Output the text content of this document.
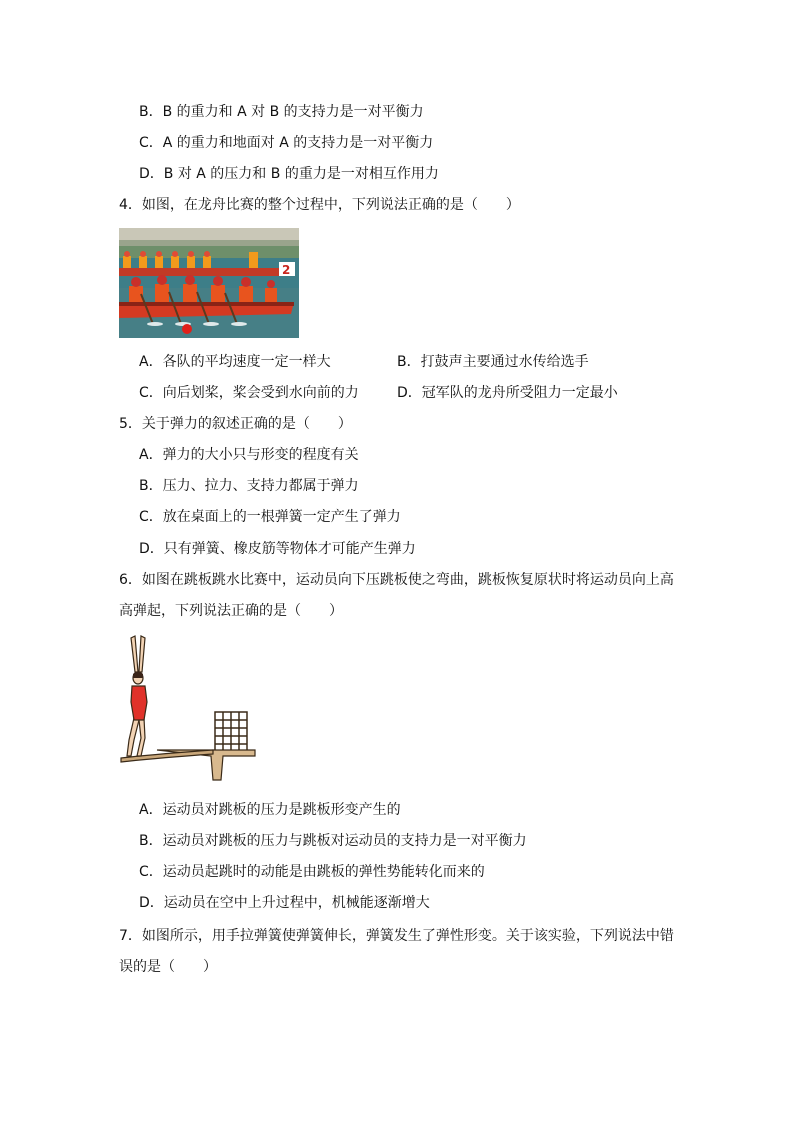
B．B 的重力和 A 对 B 的支持力是一对平衡力
C．A 的重力和地面对 A 的支持力是一对平衡力
D．B 对 A 的压力和 B 的重力是一对相互作用力
4．如图，在龙舟比赛的整个过程中，下列说法正确的是（　　）
2
A．各队的平均速度一定一样大	B．打鼓声主要通过水传给选手
C．向后划桨，桨会受到水向前的力	D．冠军队的龙舟所受阻力一定最小
5．关于弹力的叙述正确的是（　　）
A．弹力的大小只与形变的程度有关
B．压力、拉力、支持力都属于弹力
C．放在桌面上的一根弹簧一定产生了弹力
D．只有弹簧、橡皮筋等物体才可能产生弹力
6．如图在跳板跳水比赛中，运动员向下压跳板使之弯曲，跳板恢复原状时将运动员向上高
高弹起，下列说法正确的是（　　）
A．运动员对跳板的压力是跳板形变产生的
B．运动员对跳板的压力与跳板对运动员的支持力是一对平衡力
C．运动员起跳时的动能是由跳板的弹性势能转化而来的
D．运动员在空中上升过程中，机械能逐渐增大
7．如图所示，用手拉弹簧使弹簧伸长，弹簧发生了弹性形变。关于该实验，下列说法中错
误的是（　　）
